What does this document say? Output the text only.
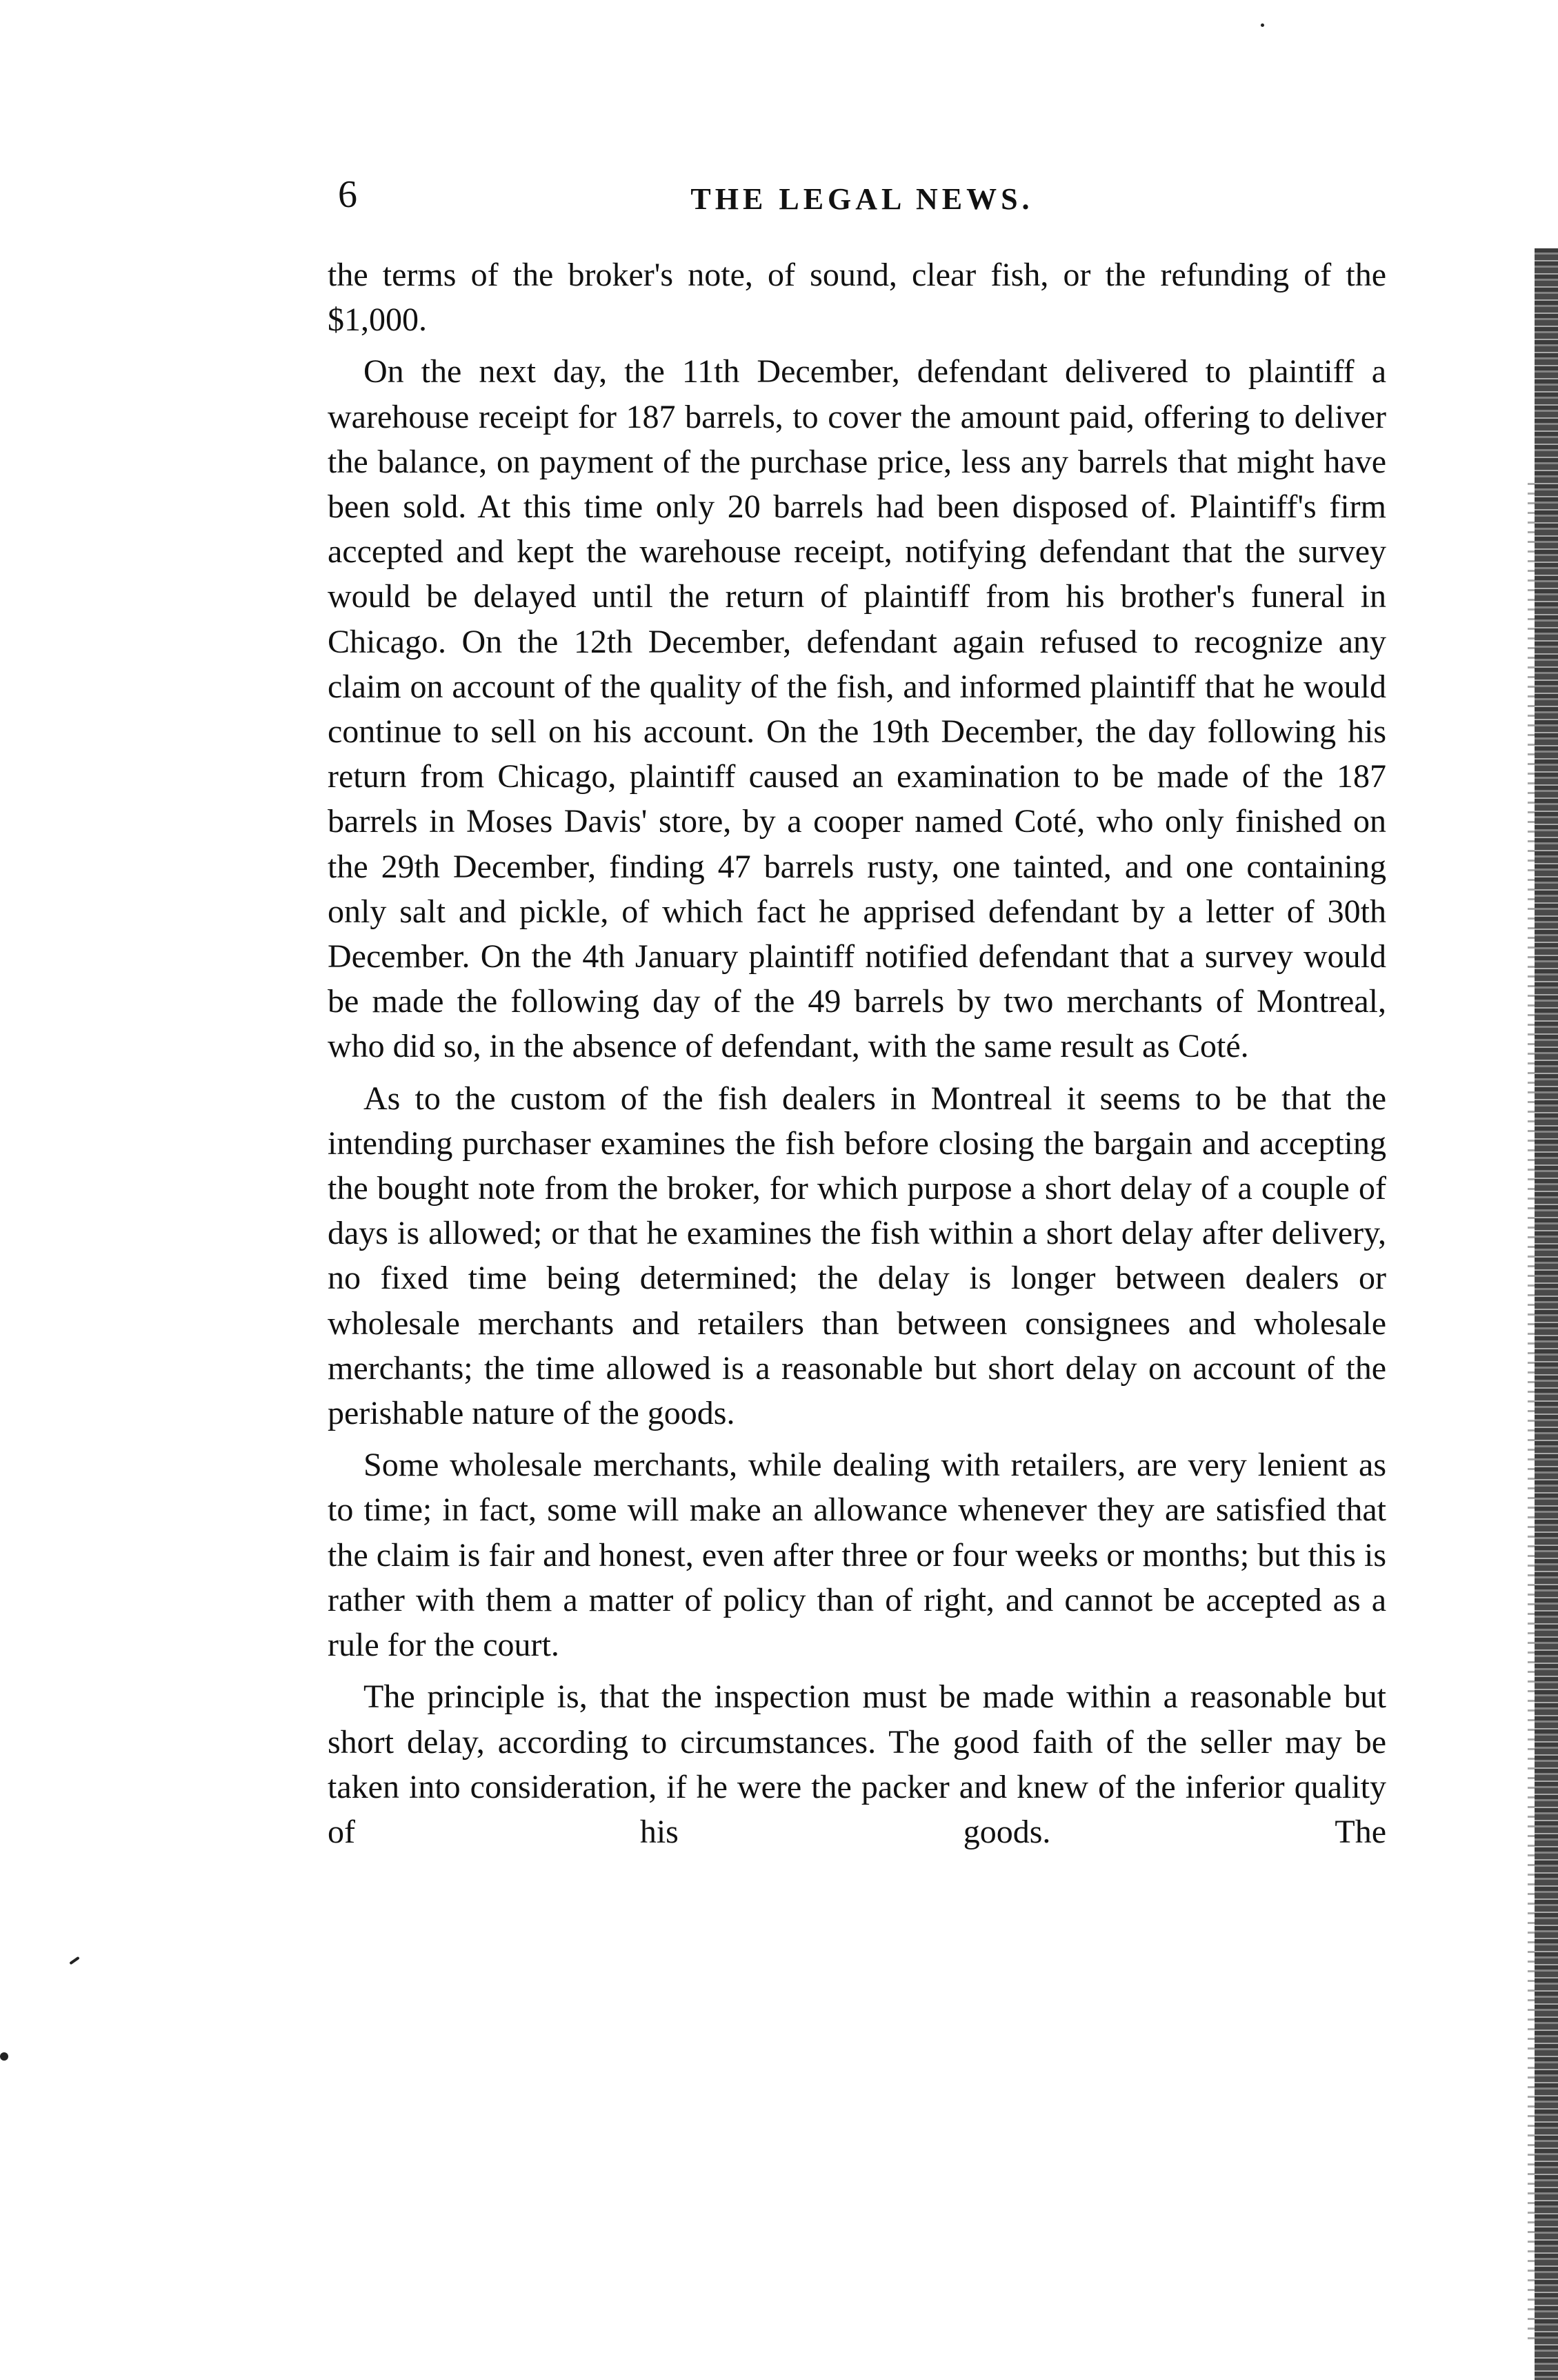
6	THE LEGAL NEWS.

the terms of the broker's note, of sound, clear fish, or the refunding of the $1,000.

On the next day, the 11th December, defendant delivered to plaintiff a warehouse receipt for 187 barrels, to cover the amount paid, offering to deliver the balance, on payment of the purchase price, less any barrels that might have been sold. At this time only 20 barrels had been disposed of. Plaintiff's firm accepted and kept the warehouse receipt, notifying defendant that the survey would be delayed until the return of plaintiff from his brother's funeral in Chicago. On the 12th December, defendant again refused to recognize any claim on account of the quality of the fish, and informed plaintiff that he would continue to sell on his account. On the 19th December, the day following his return from Chicago, plaintiff caused an examination to be made of the 187 barrels in Moses Davis' store, by a cooper named Coté, who only finished on the 29th December, finding 47 barrels rusty, one tainted, and one containing only salt and pickle, of which fact he apprised defendant by a letter of 30th December. On the 4th January plaintiff notified defendant that a survey would be made the following day of the 49 barrels by two merchants of Montreal, who did so, in the absence of defendant, with the same result as Coté.

As to the custom of the fish dealers in Montreal it seems to be that the intending purchaser examines the fish before closing the bargain and accepting the bought note from the broker, for which purpose a short delay of a couple of days is allowed; or that he examines the fish within a short delay after delivery, no fixed time being determined; the delay is longer between dealers or wholesale merchants and retailers than between consignees and wholesale merchants; the time allowed is a reasonable but short delay on account of the perishable nature of the goods.

Some wholesale merchants, while dealing with retailers, are very lenient as to time; in fact, some will make an allowance whenever they are satisfied that the claim is fair and honest, even after three or four weeks or months; but this is rather with them a matter of policy than of right, and cannot be accepted as a rule for the court.

The principle is, that the inspection must be made within a reasonable but short delay, according to circumstances. The good faith of the seller may be taken into consideration, if he were the packer and knew of the inferior quality of his goods. The
